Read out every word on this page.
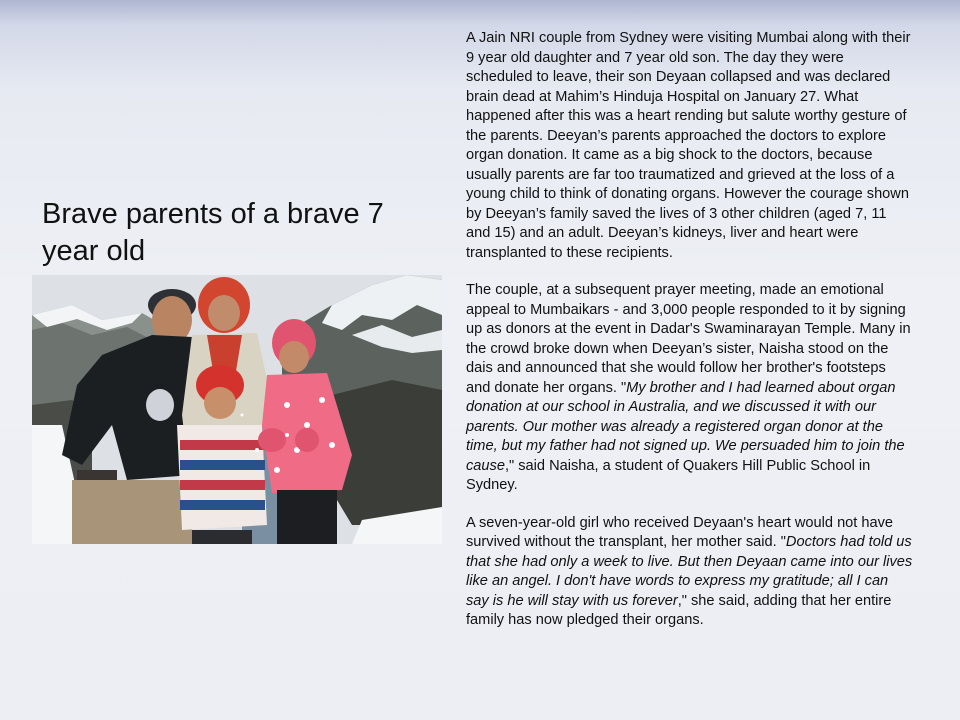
Brave parents of a brave 7 year old

A Jain NRI couple from Sydney were visiting Mumbai along with their 9 year old daughter and 7 year old son. The day they were scheduled to leave, their son Deyaan collapsed and was declared brain dead at Mahim’s Hinduja Hospital on January 27. What happened after this was a heart rending but salute worthy gesture of the parents. Deeyan’s parents approached the doctors to explore organ donation. It came as a big shock to the doctors, because usually parents are far too traumatized and grieved at the loss of a young child to think of donating organs. However the courage shown by Deeyan’s family saved the lives of 3 other children (aged 7, 11 and 15) and an adult. Deeyan’s kidneys, liver and heart were transplanted to these recipients.

The couple, at a subsequent prayer meeting, made an emotional appeal to Mumbaikars - and 3,000 people responded to it by signing up as donors at the event in Dadar's Swaminarayan Temple. Many in the crowd broke down when Deeyan’s sister, Naisha stood on the dais and announced that she would follow her brother's footsteps and donate her organs. "My brother and I had learned about organ donation at our school in Australia, and we discussed it with our parents. Our mother was already a registered organ donor at the time, but my father had not signed up. We persuaded him to join the cause," said Naisha, a student of Quakers Hill Public School in Sydney.

A seven-year-old girl who received Deyaan's heart would not have survived without the transplant, her mother said. "Doctors had told us that she had only a week to live. But then Deyaan came into our lives like an angel. I don't have words to express my gratitude; all I can say is he will stay with us forever," she said, adding that her entire family has now pledged their organs.
